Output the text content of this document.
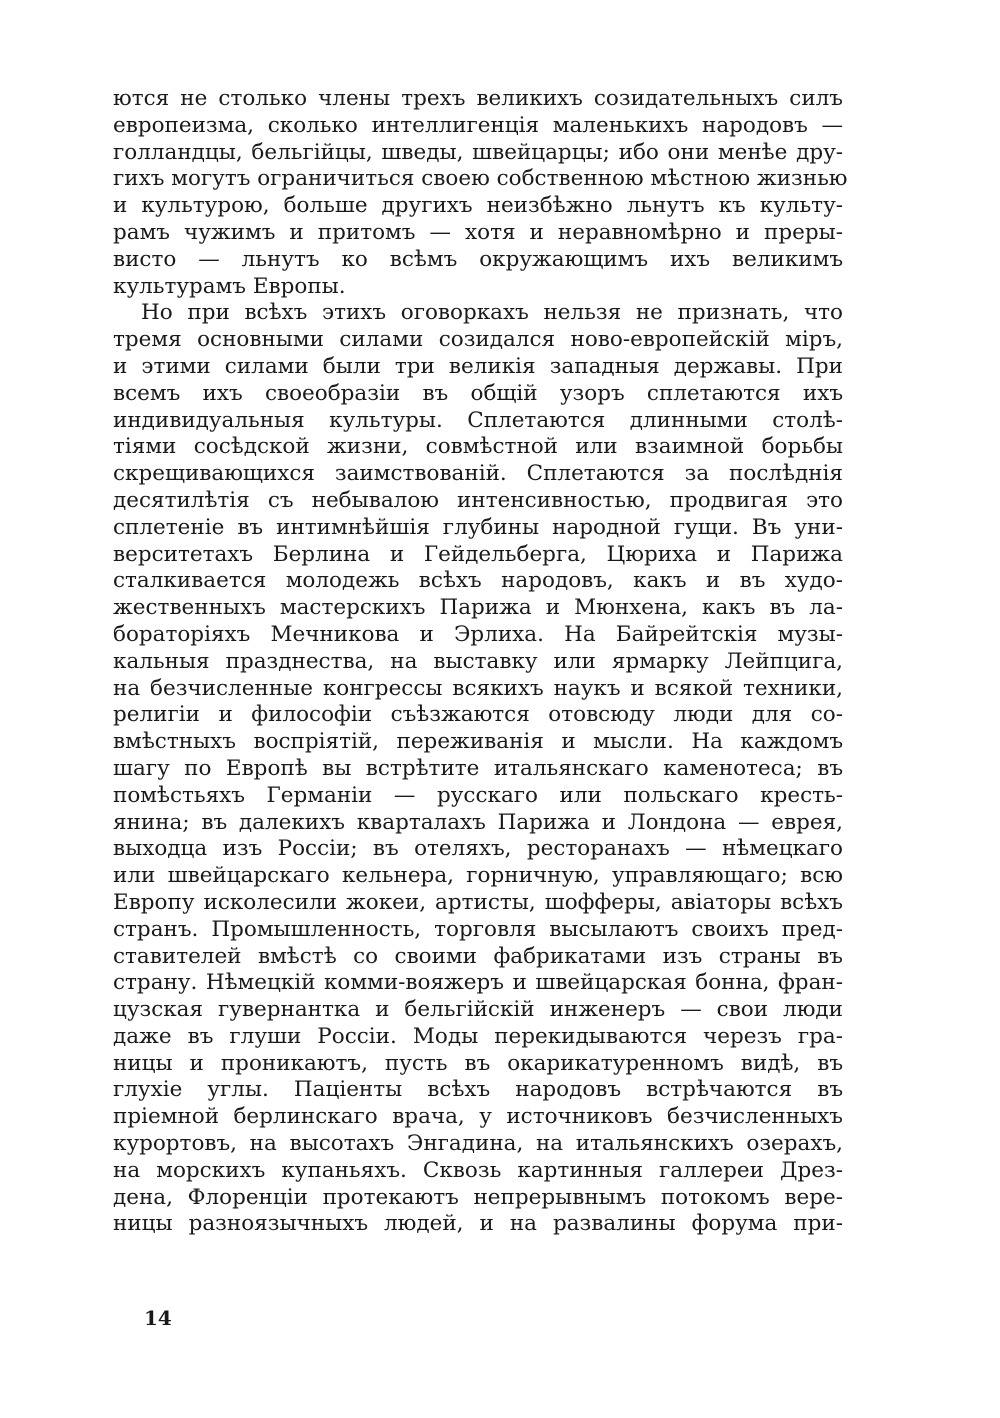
ются не столько члены трехъ великихъ созидательныхъ силъ
европеизма, сколько интеллигенція маленькихъ народовъ —
голландцы, бельгійцы, шведы, швейцарцы; ибо они менѣе дру-
гихъ могутъ ограничиться своею собственною мѣстною жизнью
и культурою, больше другихъ неизбѣжно льнутъ къ культу-
рамъ чужимъ и притомъ — хотя и неравномѣрно и преры-
висто — льнутъ ко всѣмъ окружающимъ ихъ великимъ
культурамъ Европы.
Но при всѣхъ этихъ оговоркахъ нельзя не признать, что
тремя основными силами созидался ново-европейскій міръ,
и этими силами были три великія западныя державы. При
всемъ ихъ своеобразіи въ общій узоръ сплетаются ихъ
индивидуальныя культуры. Сплетаются длинными столѣ-
тіями сосѣдской жизни, совмѣстной или взаимной борьбы
скрещивающихся заимствованій. Сплетаются за послѣднія
десятилѣтія съ небывалою интенсивностью, продвигая это
сплетеніе въ интимнѣйшія глубины народной гущи. Въ уни-
верситетахъ Берлина и Гейдельберга, Цюриха и Парижа
сталкивается молодежь всѣхъ народовъ, какъ и въ худо-
жественныхъ мастерскихъ Парижа и Мюнхена, какъ въ ла-
бораторіяхъ Мечникова и Эрлиха. На Байрейтскія музы-
кальныя празднества, на выставку или ярмарку Лейпцига,
на безчисленные конгрессы всякихъ наукъ и всякой техники,
религіи и философіи съѣзжаются отовсюду люди для со-
вмѣстныхъ воспріятій, переживанія и мысли. На каждомъ
шагу по Европѣ вы встрѣтите итальянскаго каменотеса; въ
помѣстьяхъ Германіи — русскаго или польскаго кресть-
янина; въ далекихъ кварталахъ Парижа и Лондона — еврея,
выходца изъ Россіи; въ отеляхъ, ресторанахъ — нѣмецкаго
или швейцарскаго кельнера, горничную, управляющаго; всю
Европу исколесили жокеи, артисты, шофферы, авіаторы всѣхъ
странъ. Промышленность, торговля высылаютъ своихъ пред-
ставителей вмѣстѣ со своими фабрикатами изъ страны въ
страну. Нѣмецкій комми-вояжеръ и швейцарская бонна, фран-
цузская гувернантка и бельгійскій инженеръ — свои люди
даже въ глуши Россіи. Моды перекидываются черезъ гра-
ницы и проникаютъ, пусть въ окарикатуренномъ видѣ, въ
глухіе углы. Паціенты всѣхъ народовъ встрѣчаются въ
пріемной берлинскаго врача, у источниковъ безчисленныхъ
курортовъ, на высотахъ Энгадина, на итальянскихъ озерахъ,
на морскихъ купаньяхъ. Сквозь картинныя галлереи Дрез-
дена, Флоренціи протекаютъ непрерывнымъ потокомъ вере-
ницы разноязычныхъ людей, и на развалины форума при-
14
